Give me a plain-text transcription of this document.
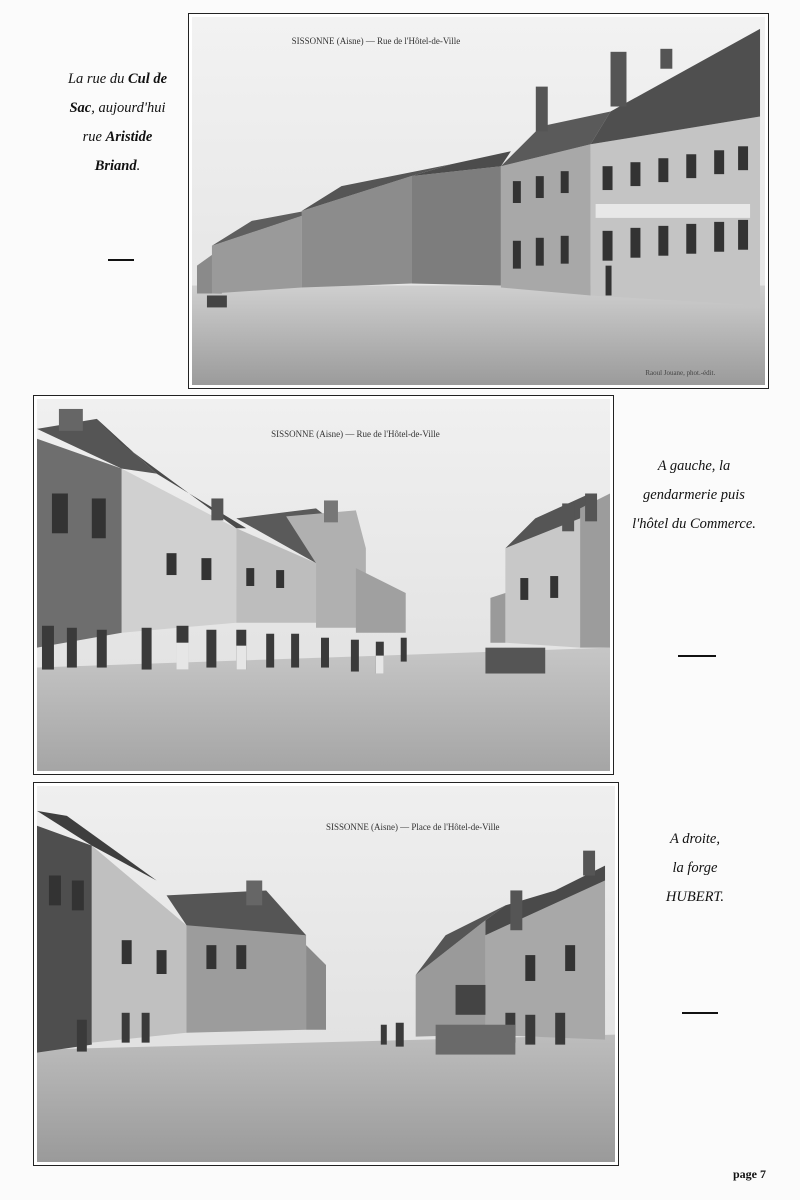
SISSONNE (Aisne) — Rue de l'Hôtel-de-Ville
Raoul Jouane, phot.-édit.

La rue du Cul de
Sac, aujourd'hui
rue Aristide
Briand.

SISSONNE (Aisne) — Rue de l'Hôtel-de-Ville

A gauche, la
gendarmerie puis
l'hôtel du Commerce.

SISSONNE (Aisne) — Place de l'Hôtel-de-Ville

A droite,
la forge
HUBERT.

page 7
